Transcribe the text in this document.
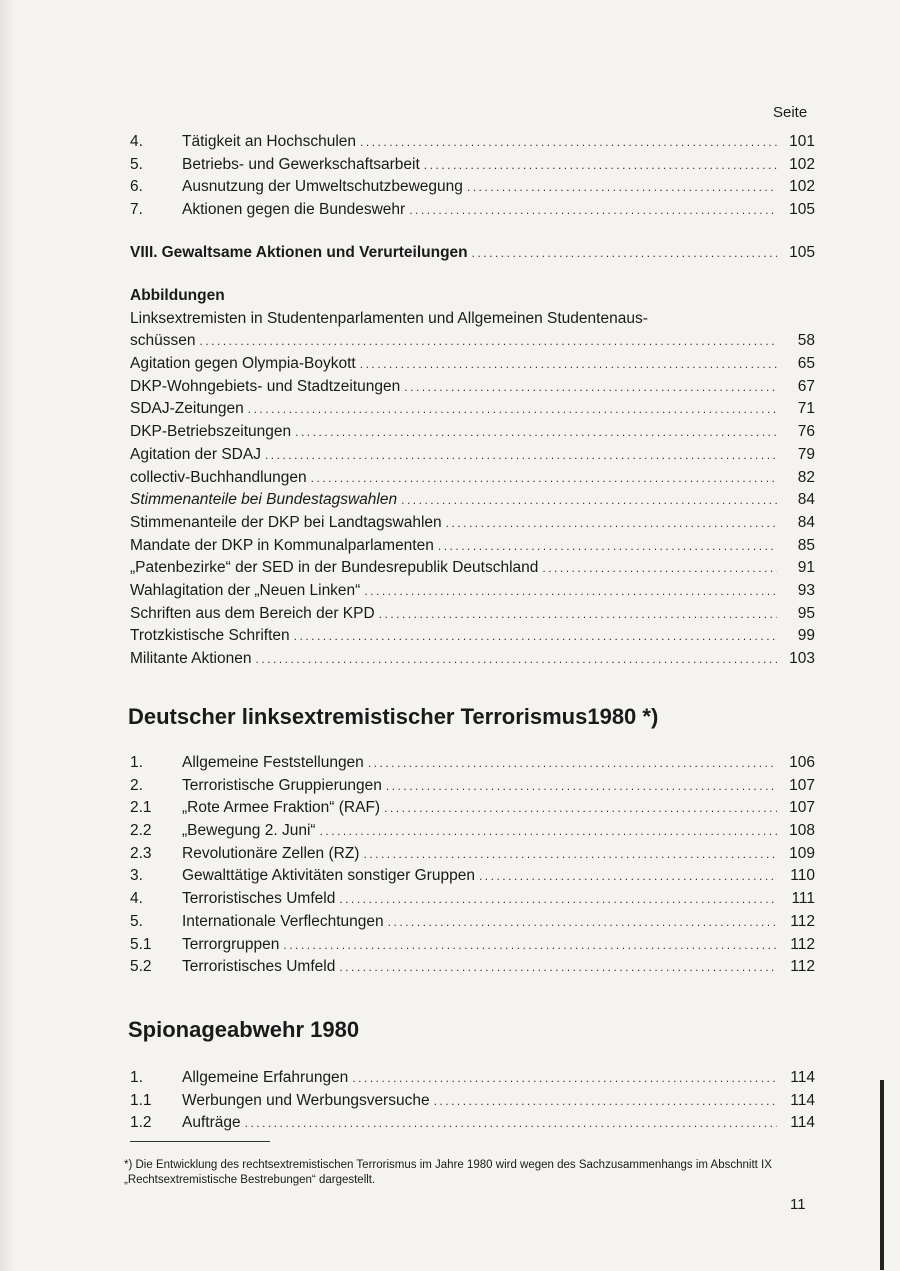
Seite
4.	Tätigkeit an Hochschulen .....	101
5.	Betriebs- und Gewerkschaftsarbeit .....	102
6.	Ausnutzung der Umweltschutzbewegung .....	102
7.	Aktionen gegen die Bundeswehr .....	105
VIII. Gewaltsame Aktionen und Verurteilungen .....	105
Abbildungen
Linksextremisten in Studentenparlamenten und Allgemeinen Studentenaus-
schüssen .....	58
Agitation gegen Olympia-Boykott .....	65
DKP-Wohngebiets- und Stadtzeitungen .....	67
SDAJ-Zeitungen .....	71
DKP-Betriebszeitungen .....	76
Agitation der SDAJ .....	79
collectiv-Buchhandlungen .....	82
Stimmenanteile bei Bundestagswahlen .....	84
Stimmenanteile der DKP bei Landtagswahlen .....	84
Mandate der DKP in Kommunalparlamenten .....	85
„Patenbezirke“ der SED in der Bundesrepublik Deutschland .....	91
Wahlagitation der „Neuen Linken“ .....	93
Schriften aus dem Bereich der KPD .....	95
Trotzkistische Schriften .....	99
Militante Aktionen .....	103
Deutscher linksextremistischer Terrorismus1980 *)
1.	Allgemeine Feststellungen .....	106
2.	Terroristische Gruppierungen .....	107
2.1	„Rote Armee Fraktion“ (RAF) .....	107
2.2	„Bewegung 2. Juni“ .....	108
2.3	Revolutionäre Zellen (RZ) .....	109
3.	Gewalttätige Aktivitäten sonstiger Gruppen .....	110
4.	Terroristisches Umfeld .....	111
5.	Internationale Verflechtungen .....	112
5.1	Terrorgruppen .....	112
5.2	Terroristisches Umfeld .....	112
Spionageabwehr 1980
1.	Allgemeine Erfahrungen .....	114
1.1	Werbungen und Werbungsversuche .....	114
1.2	Aufträge .....	114
*) Die Entwicklung des rechtsextremistischen Terrorismus im Jahre 1980 wird wegen des Sachzusammenhangs im Abschnitt IX „Rechtsextremistische Bestrebungen“ dargestellt.
11
